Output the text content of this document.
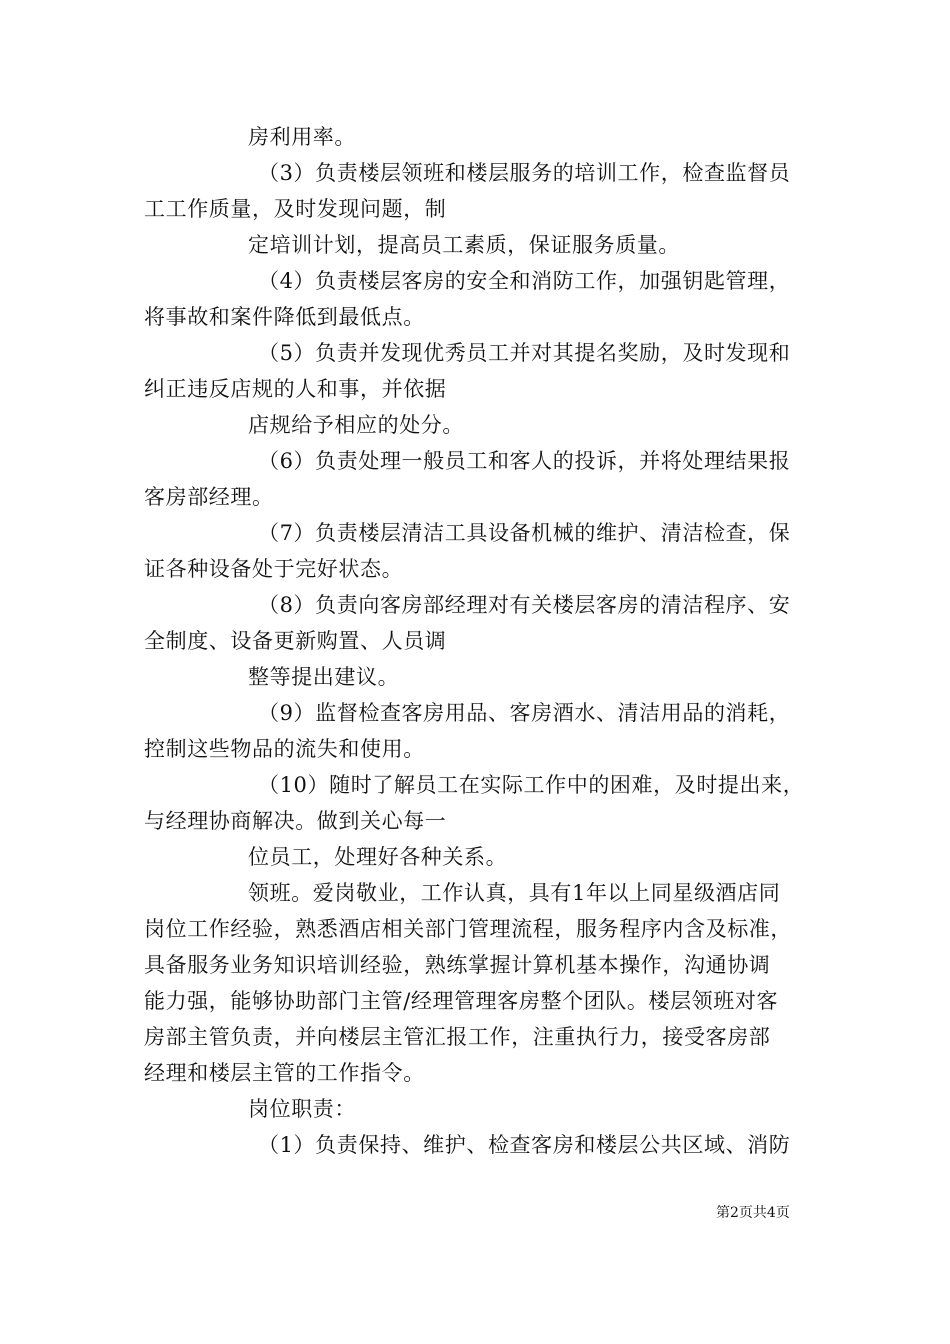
房利用率。
（3）负责楼层领班和楼层服务的培训工作，检查监督员
工工作质量，及时发现问题，制
定培训计划，提高员工素质，保证服务质量。
（4）负责楼层客房的安全和消防工作，加强钥匙管理，
将事故和案件降低到最低点。
（5）负责并发现优秀员工并对其提名奖励，及时发现和
纠正违反店规的人和事，并依据
店规给予相应的处分。
（6）负责处理一般员工和客人的投诉，并将处理结果报
客房部经理。
（7）负责楼层清洁工具设备机械的维护、清洁检查，保
证各种设备处于完好状态。
（8）负责向客房部经理对有关楼层客房的清洁程序、安
全制度、设备更新购置、人员调
整等提出建议。
（9）监督检查客房用品、客房酒水、清洁用品的消耗，
控制这些物品的流失和使用。
（10）随时了解员工在实际工作中的困难，及时提出来，
与经理协商解决。做到关心每一
位员工，处理好各种关系。
领班。爱岗敬业，工作认真，具有1年以上同星级酒店同
岗位工作经验，熟悉酒店相关部门管理流程，服务程序内含及标准，
具备服务业务知识培训经验，熟练掌握计算机基本操作，沟通协调
能力强，能够协助部门主管/经理管理客房整个团队。楼层领班对客
房部主管负责，并向楼层主管汇报工作，注重执行力，接受客房部
经理和楼层主管的工作指令。
岗位职责：
（1）负责保持、维护、检查客房和楼层公共区域、消防
第2页共4页
